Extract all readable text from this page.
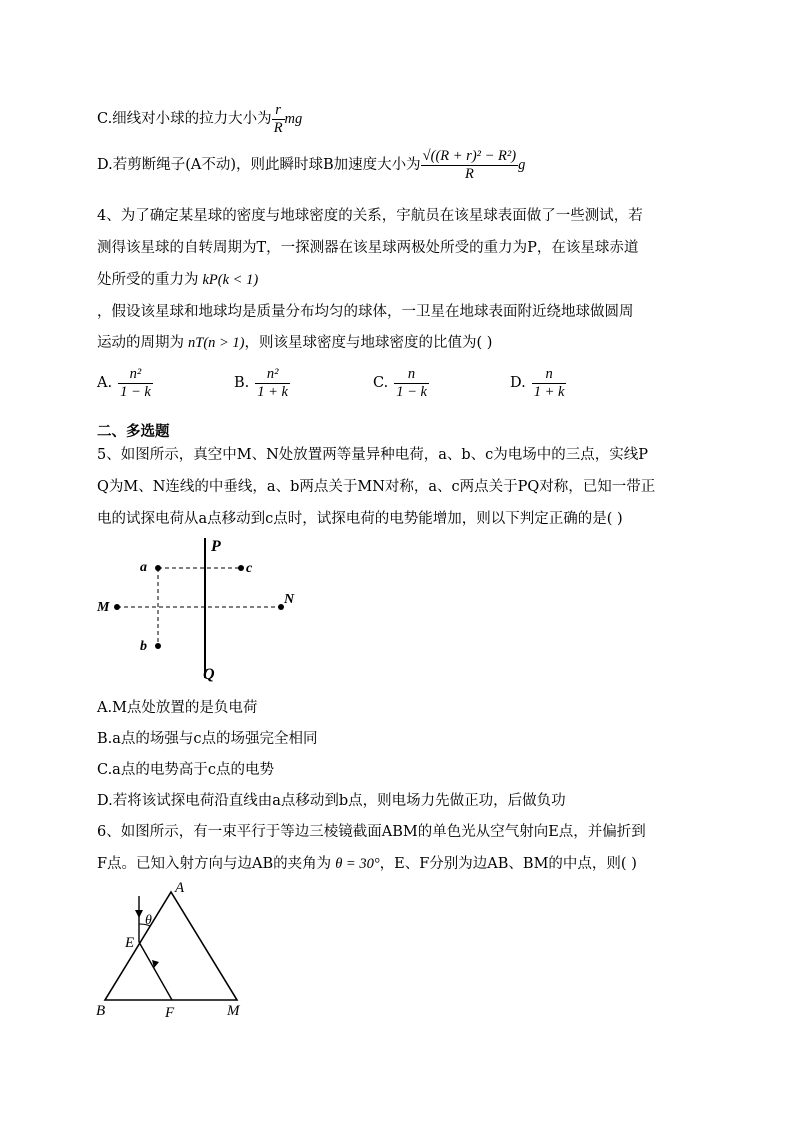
C.细线对小球的拉力大小为 $\frac{r}{R}$ mg
D.若剪断绳子(A不动)，则此瞬时球B加速度大小为 $\frac{\text{√((R + r)² − R²)}}{R}$ g
4、为了确定某星球的密度与地球密度的关系，宇航员在该星球表面做了一些测试，若
测得该星球的自转周期为T，一探测器在该星球两极处所受的重力为P，在该星球赤道
处所受的重力为 kP(k < 1)
，假设该星球和地球均是质量分布均匀的球体，一卫星在地球表面附近绕地球做圆周
运动的周期为 nT(n > 1)，则该星球密度与地球密度的比值为( )
A. $\frac{\text{n²}}{1 - k}$	B. $\frac{\text{n²}}{1 + k}$	C. $\frac{n}{1 - k}$	D. $\frac{n}{1 + k}$
二、多选题
5、如图所示，真空中M、N处放置两等量异种电荷，a、b、c为电场中的三点，实线P
Q为M、N连线的中垂线，a、b两点关于MN对称，a、c两点关于PQ对称，已知一带正
电的试探电荷从a点移动到c点时，试探电荷的电势能增加，则以下判定正确的是( )
P
Q
M
N
a
b
c
A.M点处放置的是负电荷
B.a点的场强与c点的场强完全相同
C.a点的电势高于c点的电势
D.若将该试探电荷沿直线由a点移动到b点，则电场力先做正功，后做负功
6、如图所示，有一束平行于等边三棱镜截面ABM的单色光从空气射向E点，并偏折到
F点。已知入射方向与边AB的夹角为 θ = 30°，E、F分别为边AB、BM的中点，则( )
A
B	M
E
F
θ
